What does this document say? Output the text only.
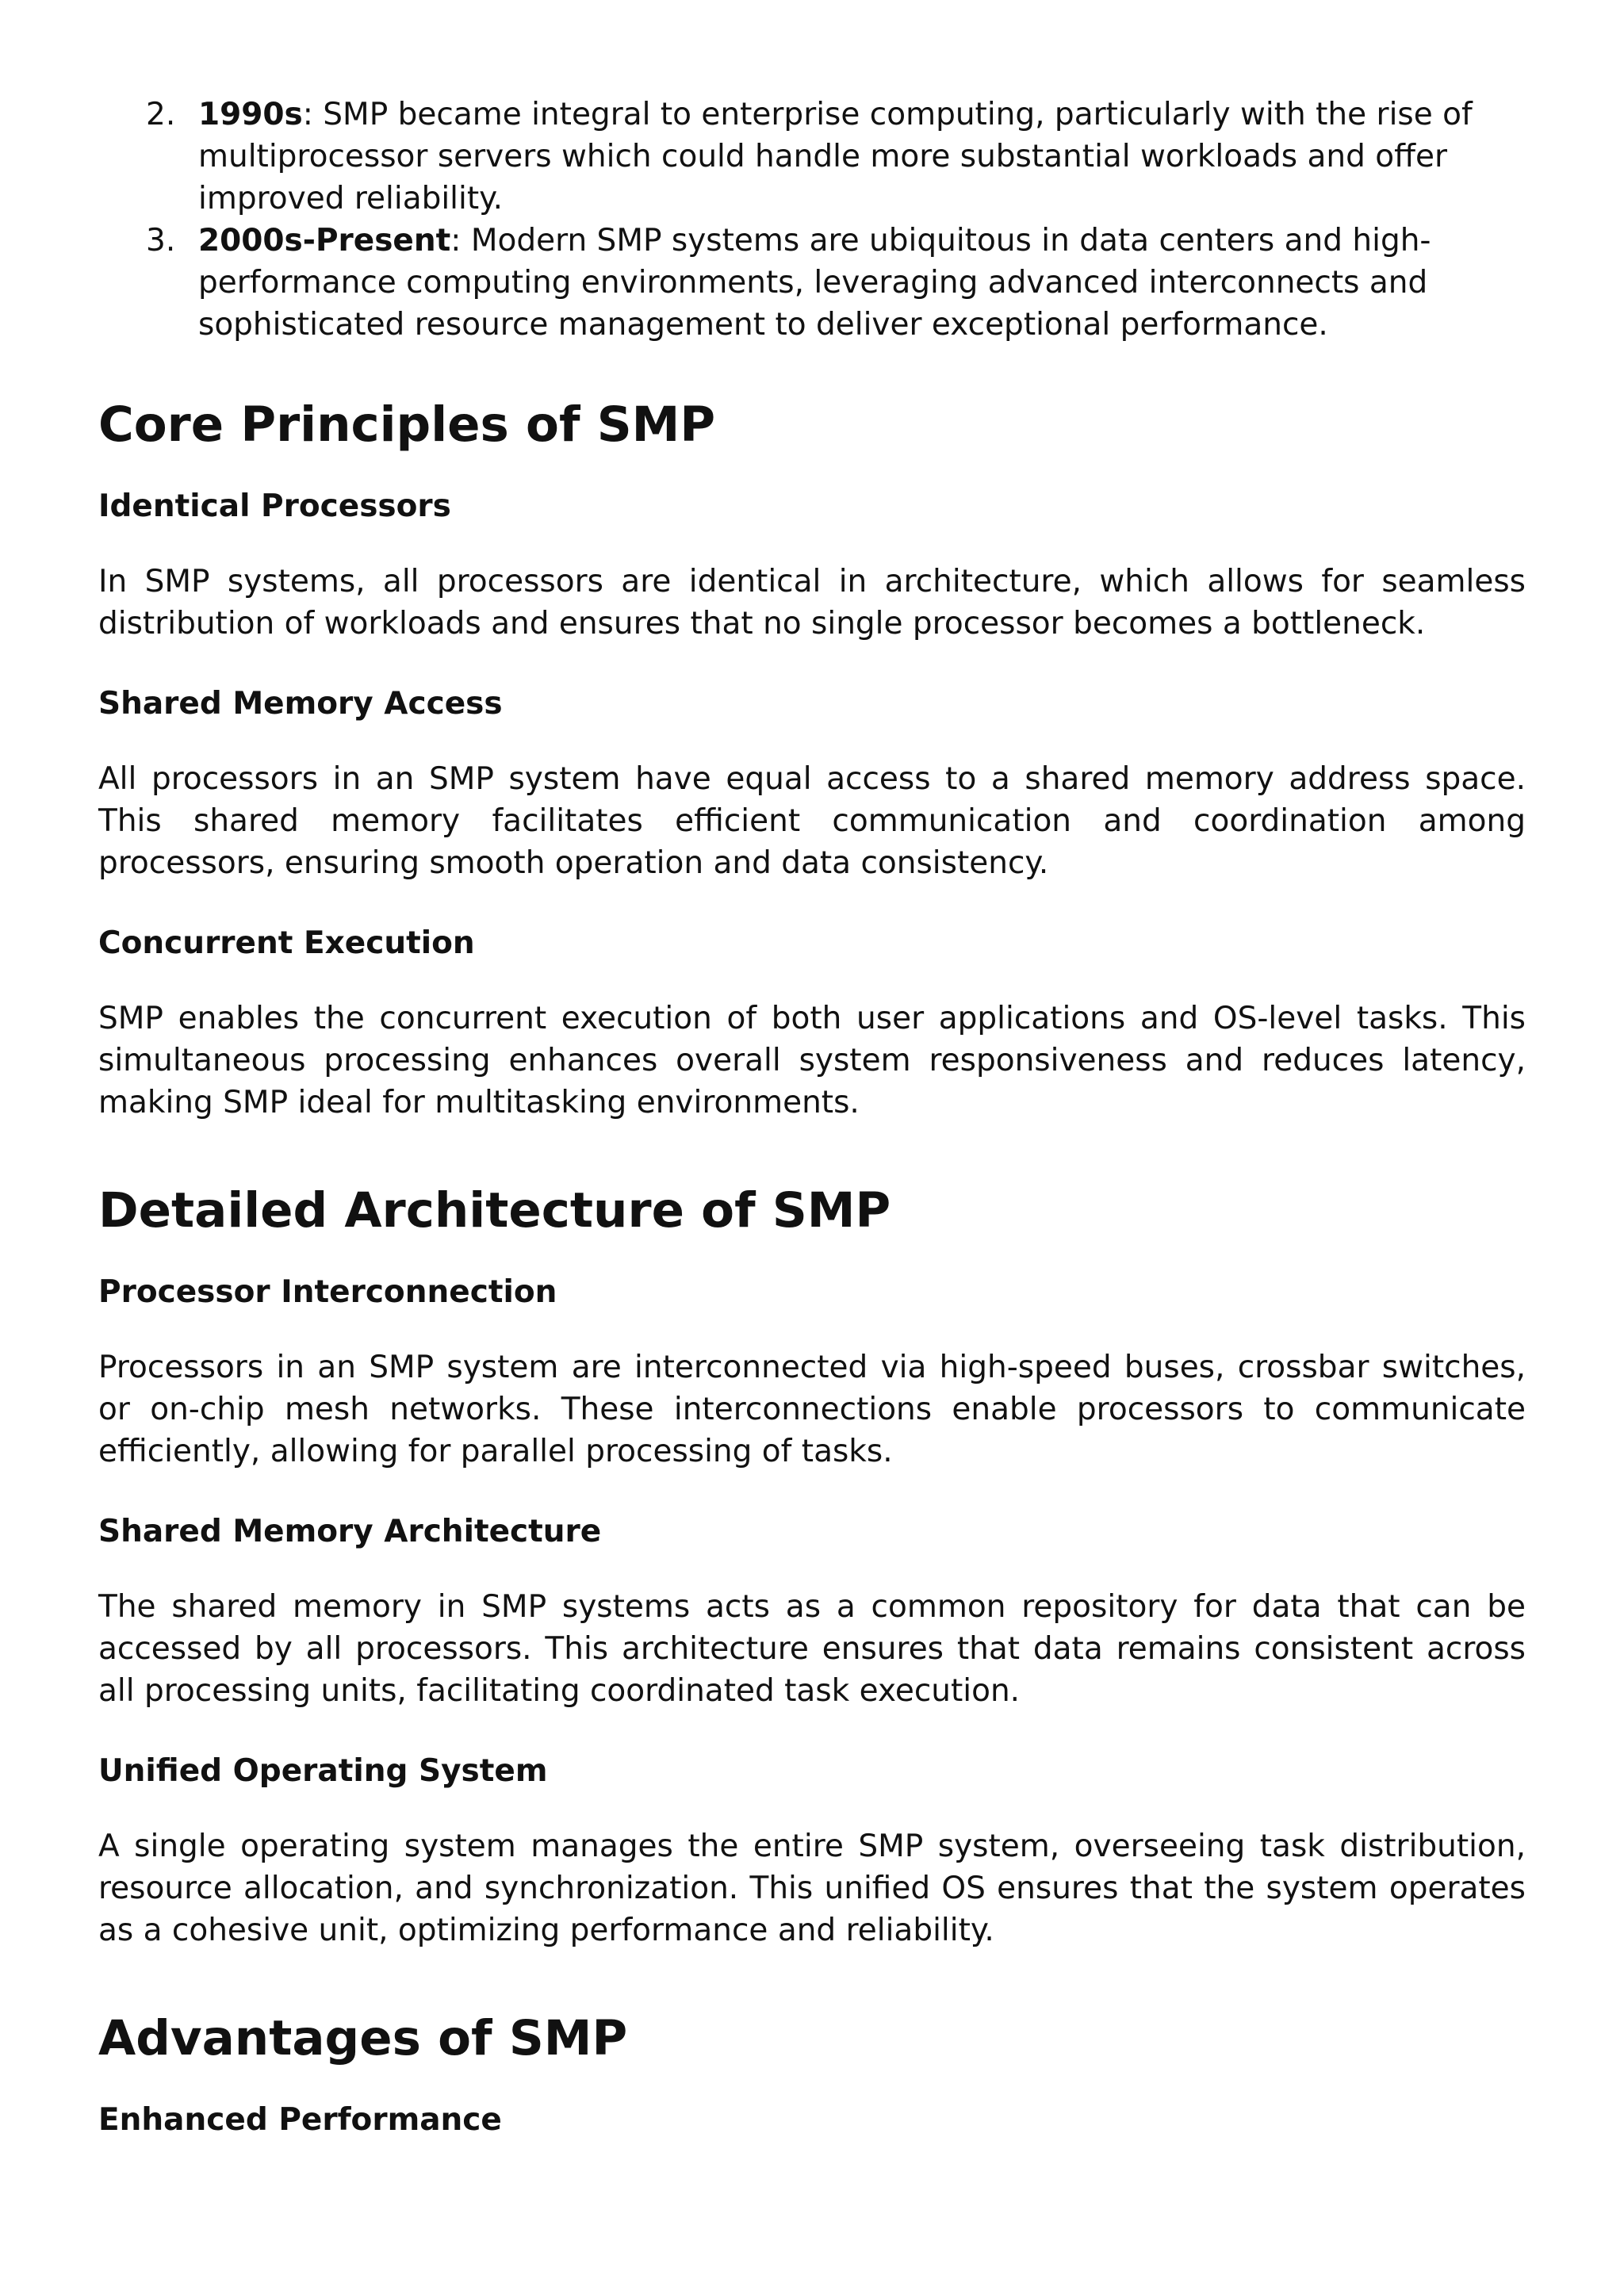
2. 1990s: SMP became integral to enterprise computing, particularly with the rise of multiprocessor servers which could handle more substantial workloads and offer improved reliability.
3. 2000s-Present: Modern SMP systems are ubiquitous in data centers and high-performance computing environments, leveraging advanced interconnects and sophisticated resource management to deliver exceptional performance.
Core Principles of SMP
Identical Processors

In SMP systems, all processors are identical in architecture, which allows for seamless distribution of workloads and ensures that no single processor becomes a bottleneck.

Shared Memory Access

All processors in an SMP system have equal access to a shared memory address space. This shared memory facilitates efficient communication and coordination among processors, ensuring smooth operation and data consistency.

Concurrent Execution

SMP enables the concurrent execution of both user applications and OS-level tasks. This simultaneous processing enhances overall system responsiveness and reduces latency, making SMP ideal for multitasking environments.

Detailed Architecture of SMP
Processor Interconnection

Processors in an SMP system are interconnected via high-speed buses, crossbar switches, or on-chip mesh networks. These interconnections enable processors to communicate efficiently, allowing for parallel processing of tasks.

Shared Memory Architecture

The shared memory in SMP systems acts as a common repository for data that can be accessed by all processors. This architecture ensures that data remains consistent across all processing units, facilitating coordinated task execution.

Unified Operating System

A single operating system manages the entire SMP system, overseeing task distribution, resource allocation, and synchronization. This unified OS ensures that the system operates as a cohesive unit, optimizing performance and reliability.

Advantages of SMP
Enhanced Performance
